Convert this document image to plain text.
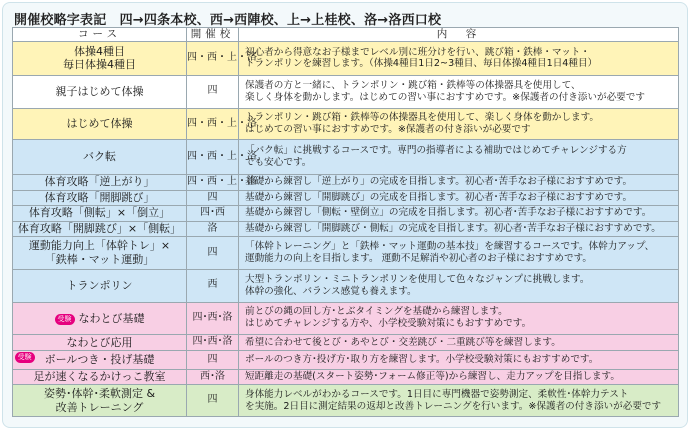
開催校略字表記　四→四条本校、西→西陣校、上→上桂校、洛→洛西口校
コース	開催校	内　容

体操4種目
毎日体操4種目	四・西・上・洛	初心者から得意なお子様までレベル別に班分けを行い、跳び箱・鉄棒・マット・
トランポリンを練習します。（体操4種目1日2~3種目、毎日体操4種目1日4種目）

親子はじめて体操	四	保護者の方と一緒に、トランポリン・跳び箱・鉄棒等の体操器具を使用して、
楽しく身体を動かします。はじめての習い事におすすめです。※保護者の付き添いが必要です

はじめて体操	四・西・上・洛	トランポリン・跳び箱・鉄棒等の体操器具を使用して、楽しく身体を動かします。
はじめての習い事におすすめです。※保護者の付き添いが必要です

バク転	四・西・上・洛	「バク転」に挑戦するコースです。専門の指導者による補助ではじめてチャレンジする方
でも安心です。

体育攻略「逆上がり」	四・西・上・洛	基礎から練習し「逆上がり」の完成を目指します。初心者･苦手なお子様におすすめです。

体育攻略「開脚跳び」	四	基礎から練習し「開脚跳び」の完成を目指します。初心者･苦手なお子様におすすめです。

体育攻略「側転」×「倒立」	四･西	基礎から練習し「側転・壁倒立」の完成を目指します。初心者･苦手なお子様におすすめです。

体育攻略「開脚跳び」×「側転」	洛	基礎から練習し「開脚跳び・側転」の完成を目指します。初心者･苦手なお子様におすすめです。

運動能力向上「体幹トレ」×
「鉄棒・マット運動」	四	「体幹トレーニング」と「鉄棒・マット運動の基本技」を練習するコースです。体幹力アップ、
運動能力の向上を目指します。 運動不足解消や初心者のお子様におすすめです。

トランポリン	西	大型トランポリン・ミニトランポリンを使用して色々なジャンプに挑戦します。
体幹の強化、バランス感覚も養えます。

受験 なわとび基礎	四･西･洛	前とびの縄の回し方･とぶタイミングを基礎から練習します。
はじめてチャレンジする方や、小学校受験対策にもおすすめです。

なわとび応用	四･西･洛	希望に合わせて後とび・あやとび・交差跳び・二重跳び等を練習します。

受験 ボールつき・投げ基礎	四	ボールのつき方･投げ方･取り方を練習します。小学校受験対策にもおすすめです。

足が速くなるかけっこ教室	西･洛	短距離走の基礎(スタート姿勢･フォーム修正等)から練習し、走力アップを目指します。

姿勢･体幹･柔軟測定 &
改善トレーニング	四	身体能力レベルがわかるコースです。1日目に専門機器で姿勢測定、柔軟性･体幹力テスト
を実施。2日目に測定結果の返却と改善トレーニングを行います。※保護者の付き添いが必要です
